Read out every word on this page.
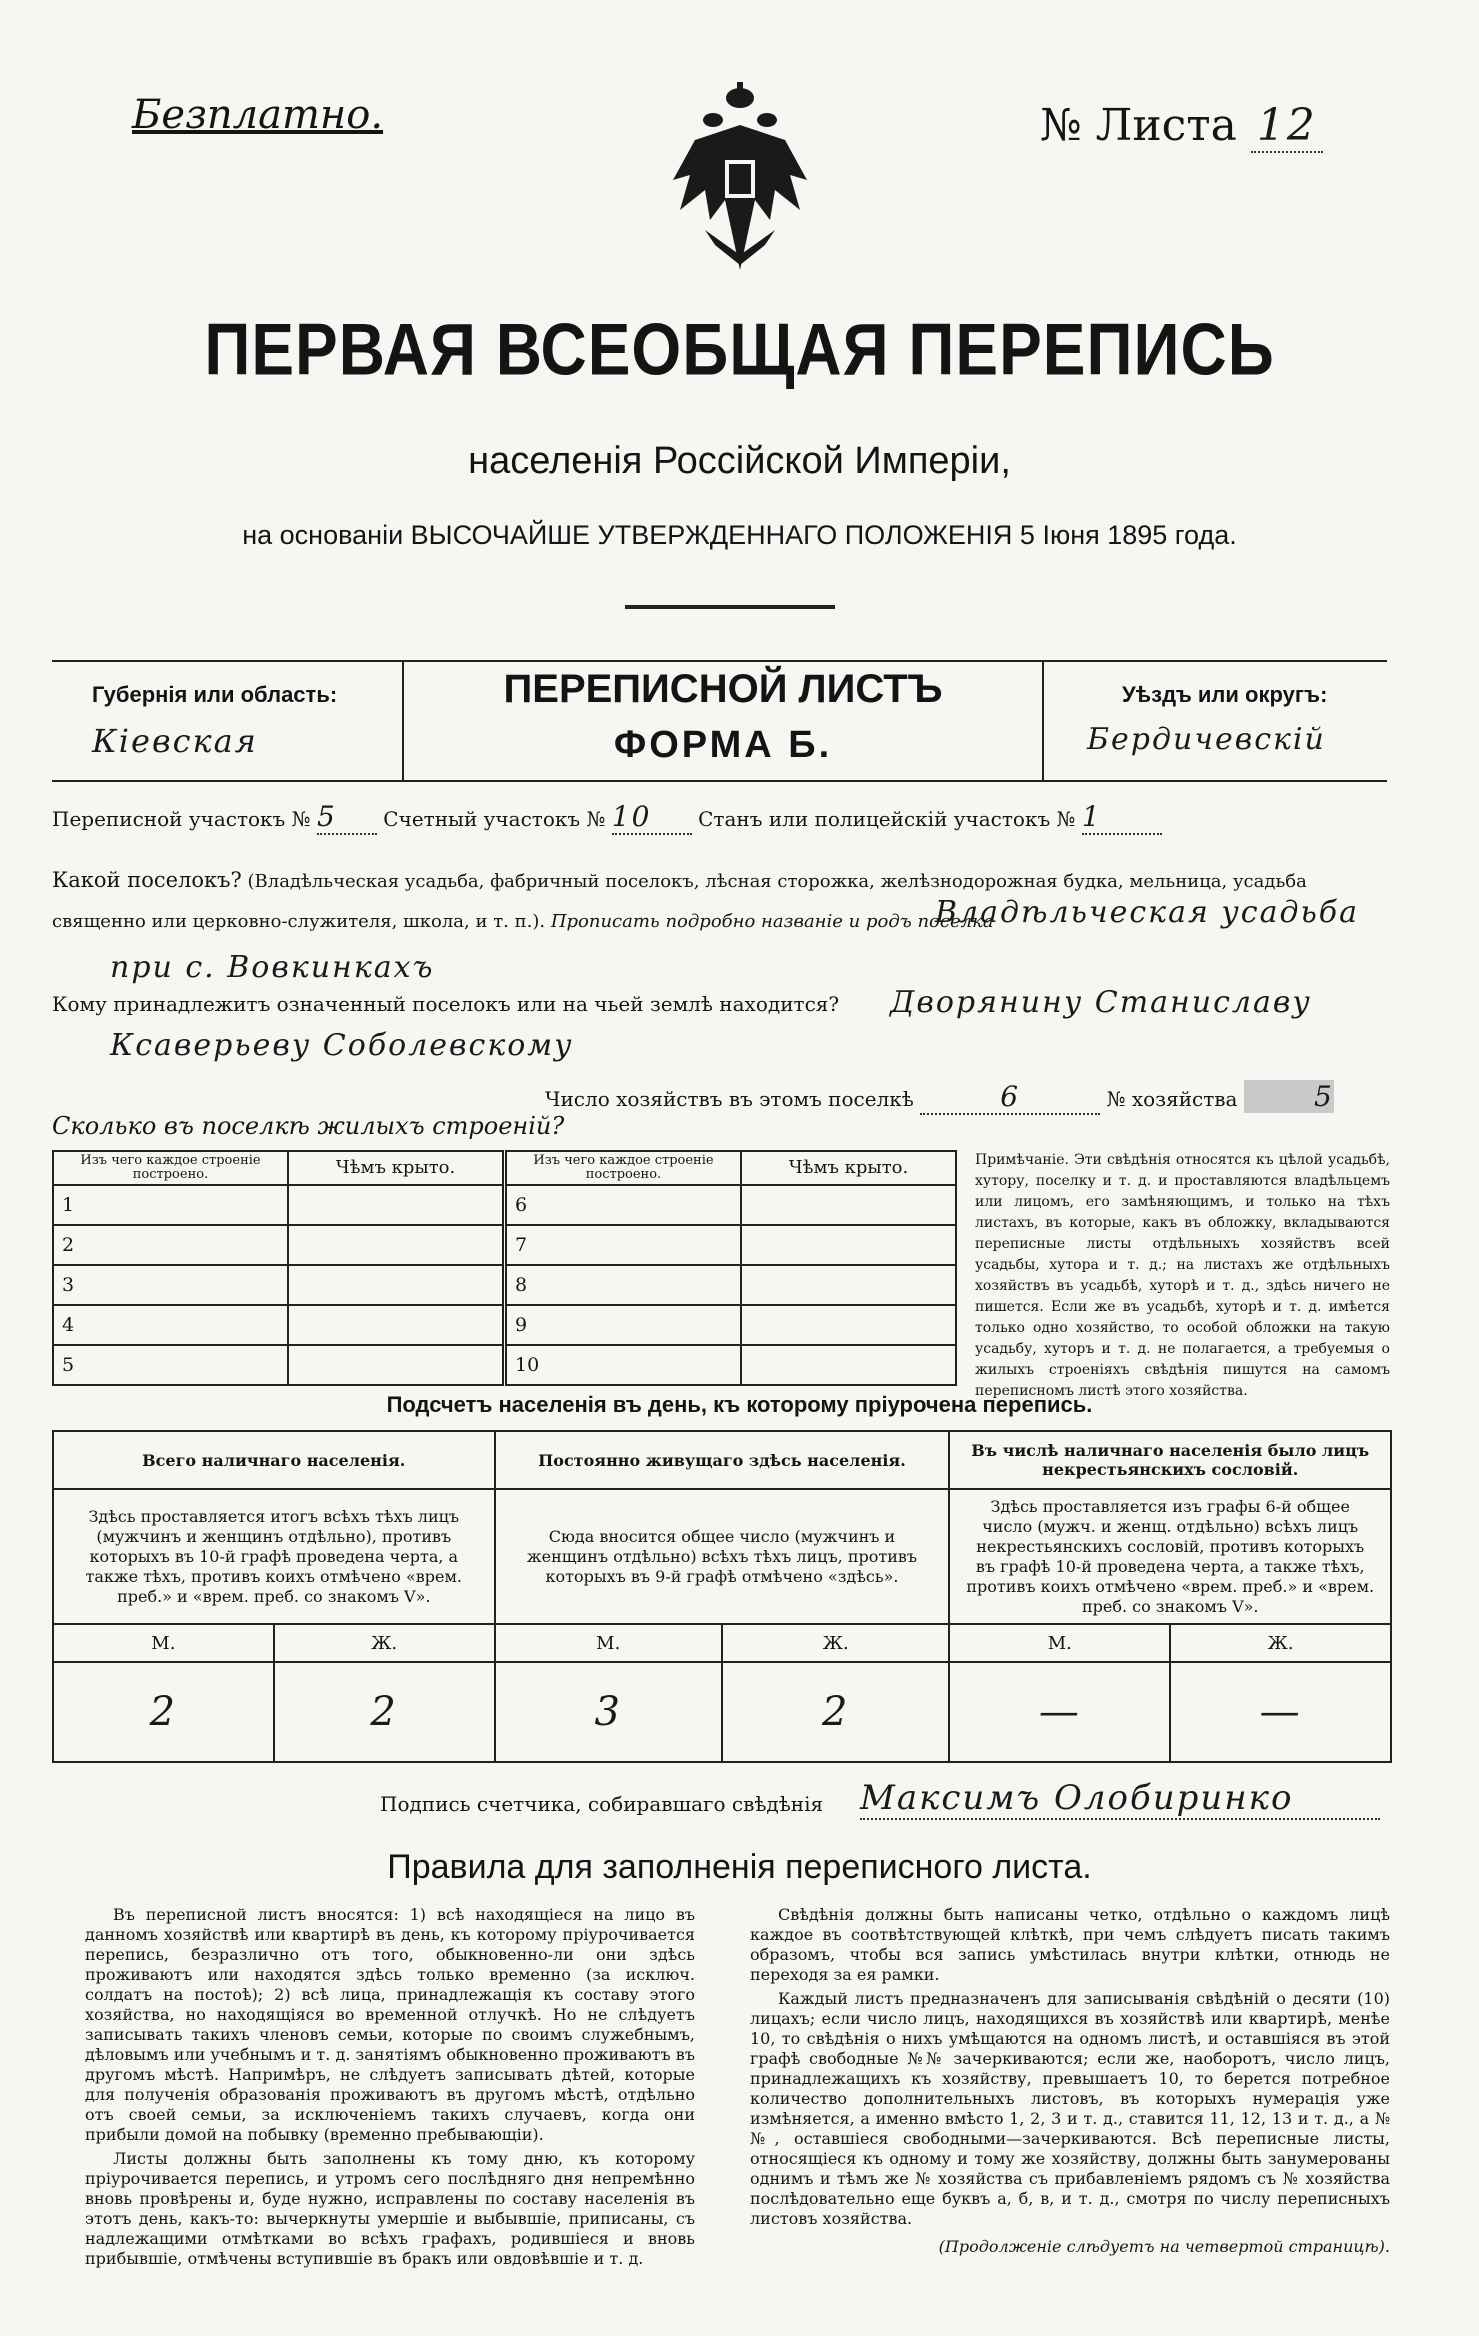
Безплатно.	№ Листа 12
ПЕРВАЯ ВСЕОБЩАЯ ПЕРЕПИСЬ
населенія Россійской Имперіи,
на основаніи ВЫСОЧАЙШЕ УТВЕРЖДЕННАГО ПОЛОЖЕНІЯ 5 Іюня 1895 года.
Губернія или область:
Кіевская
ПЕРЕПИСНОЙ ЛИСТЪ
ФОРМА Б.
Уѣздъ или округъ:
Бердичевскій
Переписной участокъ № 5 Счетный участокъ № 10 Станъ или полицейскій участокъ № 1
Какой поселокъ? (Владѣльческая усадьба, фабричный поселокъ, лѣсная сторожка, желѣзнодорожная будка, мельница, усадьба священно или церковно-служителя, школа, и т. п.). Прописать подробно названіе и родъ поселка
Владѣльческая усадьба
при с. Вовкинкахъ
Кому принадлежитъ означенный поселокъ или на чьей землѣ находится? Дворянину Станиславу
Ксаверьеву Соболевскому
Число хозяйствъ въ этомъ поселкѣ	6	№ хозяйства	5
Сколько въ поселкѣ жилыхъ строеній?
Изъ чего каждое строеніе построено.	Чѣмъ крыто.	Изъ чего каждое строеніе построено.	Чѣмъ крыто.
1		6	
2		7	
3		8	
4		9	
5		10	
Примѣчаніе. Эти свѣдѣнія относятся къ цѣлой усадьбѣ, хутору, поселку и т. д. и проставляются владѣльцемъ или лицомъ, его замѣняющимъ, и только на тѣхъ листахъ, въ которые, какъ въ обложку, вкладываются переписные листы отдѣльныхъ хозяйствъ всей усадьбы, хутора и т. д.; на листахъ же отдѣльныхъ хозяйствъ въ усадьбѣ, хуторѣ и т. д., здѣсь ничего не пишется. Если же въ усадьбѣ, хуторѣ и т. д. имѣется только одно хозяйство, то особой обложки на такую усадьбу, хуторъ и т. д. не полагается, а требуемыя о жилыхъ строеніяхъ свѣдѣнія пишутся на самомъ переписномъ листѣ этого хозяйства.
Подсчетъ населенія въ день, къ которому пріурочена перепись.
Всего наличнаго населенія.		Постоянно живущаго здѣсь населенія.		Въ числѣ наличнаго населенія было лицъ некрестьянскихъ сословій.	
Здѣсь проставляется итогъ всѣхъ тѣхъ лицъ (мужчинъ и женщинъ отдѣльно), противъ которыхъ въ 10-й графѣ проведена черта, а также тѣхъ, противъ коихъ отмѣчено «врем. преб.» и «врем. преб. со знакомъ V».		Сюда вносится общее число (мужчинъ и женщинъ отдѣльно) всѣхъ тѣхъ лицъ, противъ которыхъ въ 9-й графѣ отмѣчено «здѣсь».		Здѣсь проставляется изъ графы 6-й общее число (мужч. и женщ. отдѣльно) всѣхъ лицъ некрестьянскихъ сословій, противъ которыхъ въ графѣ 10-й проведена черта, а также тѣхъ, противъ коихъ отмѣчено «врем. преб.» и «врем. преб. со знакомъ V».	
М.	Ж.	М.	Ж.	М.	Ж.
2	2	3	2	—	—
Подпись счетчика, собиравшаго свѣдѣнія Максимъ Олобиринко
Правила для заполненія переписного листа.

Въ переписной листъ вносятся: 1) всѣ находящіеся на лицо въ данномъ хозяйствѣ или квартирѣ въ день, къ которому пріурочивается перепись, безразлично отъ того, обыкновенно-ли они здѣсь проживаютъ или находятся здѣсь только временно (за исключ. солдатъ на постоѣ); 2) всѣ лица, принадлежащія къ составу этого хозяйства, но находящіяся во временной отлучкѣ. Но не слѣдуетъ записывать такихъ членовъ семьи, которые по своимъ служебнымъ, дѣловымъ или учебнымъ и т. д. занятіямъ обыкновенно проживаютъ въ другомъ мѣстѣ. Напримѣръ, не слѣдуетъ записывать дѣтей, которые для полученія образованія проживаютъ въ другомъ мѣстѣ, отдѣльно отъ своей семьи, за исключеніемъ такихъ случаевъ, когда они прибыли домой на побывку (временно пребывающіи).

Листы должны быть заполнены къ тому дню, къ которому пріурочивается перепись, и утромъ сего послѣдняго дня непремѣнно вновь провѣрены и, буде нужно, исправлены по составу населенія въ этотъ день, какъ-то: вычеркнуты умершіе и выбывшіе, приписаны, съ надлежащими отмѣтками во всѣхъ графахъ, родившіеся и вновь прибывшіе, отмѣчены вступившіе въ бракъ или овдовѣвшіе и т. д.

Свѣдѣнія должны быть написаны четко, отдѣльно о каждомъ лицѣ каждое въ соотвѣтствующей клѣткѣ, при чемъ слѣдуетъ писать такимъ образомъ, чтобы вся запись умѣстилась внутри клѣтки, отнюдь не переходя за ея рамки.

Каждый листъ предназначенъ для записыванія свѣдѣній о десяти (10) лицахъ; если число лицъ, находящихся въ хозяйствѣ или квартирѣ, менѣе 10, то свѣдѣнія о нихъ умѣщаются на одномъ листѣ, и оставшіяся въ этой графѣ свободные №№ зачеркиваются; если же, наоборотъ, число лицъ, принадлежащихъ къ хозяйству, превышаетъ 10, то берется потребное количество дополнительныхъ листовъ, въ которыхъ нумерація уже измѣняется, а именно вмѣсто 1, 2, 3 и т. д., ставится 11, 12, 13 и т. д., а №№, оставшіеся свободными—зачеркиваются. Всѣ переписные листы, относящіеся къ одному и тому же хозяйству, должны быть занумерованы однимъ и тѣмъ же № хозяйства съ прибавленіемъ рядомъ съ № хозяйства послѣдовательно еще буквъ а, б, в, и т. д., смотря по числу переписныхъ листовъ хозяйства.

(Продолженіе слѣдуетъ на четвертой страницѣ).
